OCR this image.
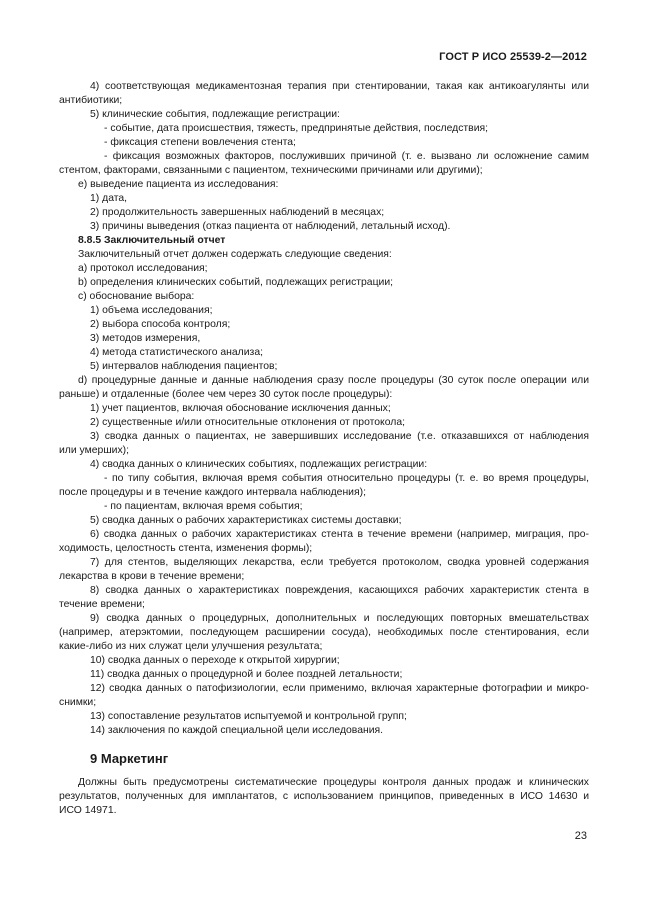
ГОСТ Р ИСО 25539-2—2012
4) соответствующая медикаментозная терапия при стентировании, такая как антикоагулянты или
антибиотики;
5) клинические события, подлежащие регистрации:
- событие, дата происшествия, тяжесть, предпринятые действия, последствия;
- фиксация степени вовлечения стента;
- фиксация возможных факторов, послуживших причиной (т. е. вызвано ли осложнение самим
стентом, факторами, связанными с пациентом, техническими причинами или другими);
е) выведение пациента из исследования:
1) дата,
2) продолжительность завершенных наблюдений в месяцах;
3) причины выведения (отказ пациента от наблюдений, летальный исход).
8.8.5 Заключительный отчет
Заключительный отчет должен содержать следующие сведения:
a) протокол исследования;
b) определения клинических событий, подлежащих регистрации;
c) обоснование выбора:
1) объема исследования;
2) выбора способа контроля;
3) методов измерения,
4) метода статистического анализа;
5) интервалов наблюдения пациентов;
d) процедурные данные и данные наблюдения сразу после процедуры (30 суток после операции или
раньше) и отдаленные (более чем через 30 суток после процедуры):
1) учет пациентов, включая обоснование исключения данных;
2) существенные и/или относительные отклонения от протокола;
3) сводка данных о пациентах, не завершивших исследование (т.е. отказавшихся от наблюдения
или умерших);
4) сводка данных о клинических событиях, подлежащих регистрации:
- по типу события, включая время события относительно процедуры (т. е. во время процедуры,
после процедуры и в течение каждого интервала наблюдения);
- по пациентам, включая время события;
5) сводка данных о рабочих характеристиках системы доставки;
6) сводка данных о рабочих характеристиках стента в течение времени (например, миграция, про-
ходимость, целостность стента, изменения формы);
7) для стентов, выделяющих лекарства, если требуется протоколом, сводка уровней содержания
лекарства в крови в течение времени;
8) сводка данных о характеристиках повреждения, касающихся рабочих характеристик стента в
течение времени;
9) сводка данных о процедурных, дополнительных и последующих повторных вмешательствах
(например, атерэктомии, последующем расширении сосуда), необходимых после стентирования, если
какие-либо из них служат цели улучшения результата;
10) сводка данных о переходе к открытой хирургии;
11) сводка данных о процедурной и более поздней летальности;
12) сводка данных о патофизиологии, если применимо, включая характерные фотографии и микро-
снимки;
13) сопоставление результатов испытуемой и контрольной групп;
14) заключения по каждой специальной цели исследования.
9 Маркетинг
Должны быть предусмотрены систематические процедуры контроля данных продаж и клинических
результатов, полученных для имплантатов, с использованием принципов, приведенных в ИСО 14630 и
ИСО 14971.
23
